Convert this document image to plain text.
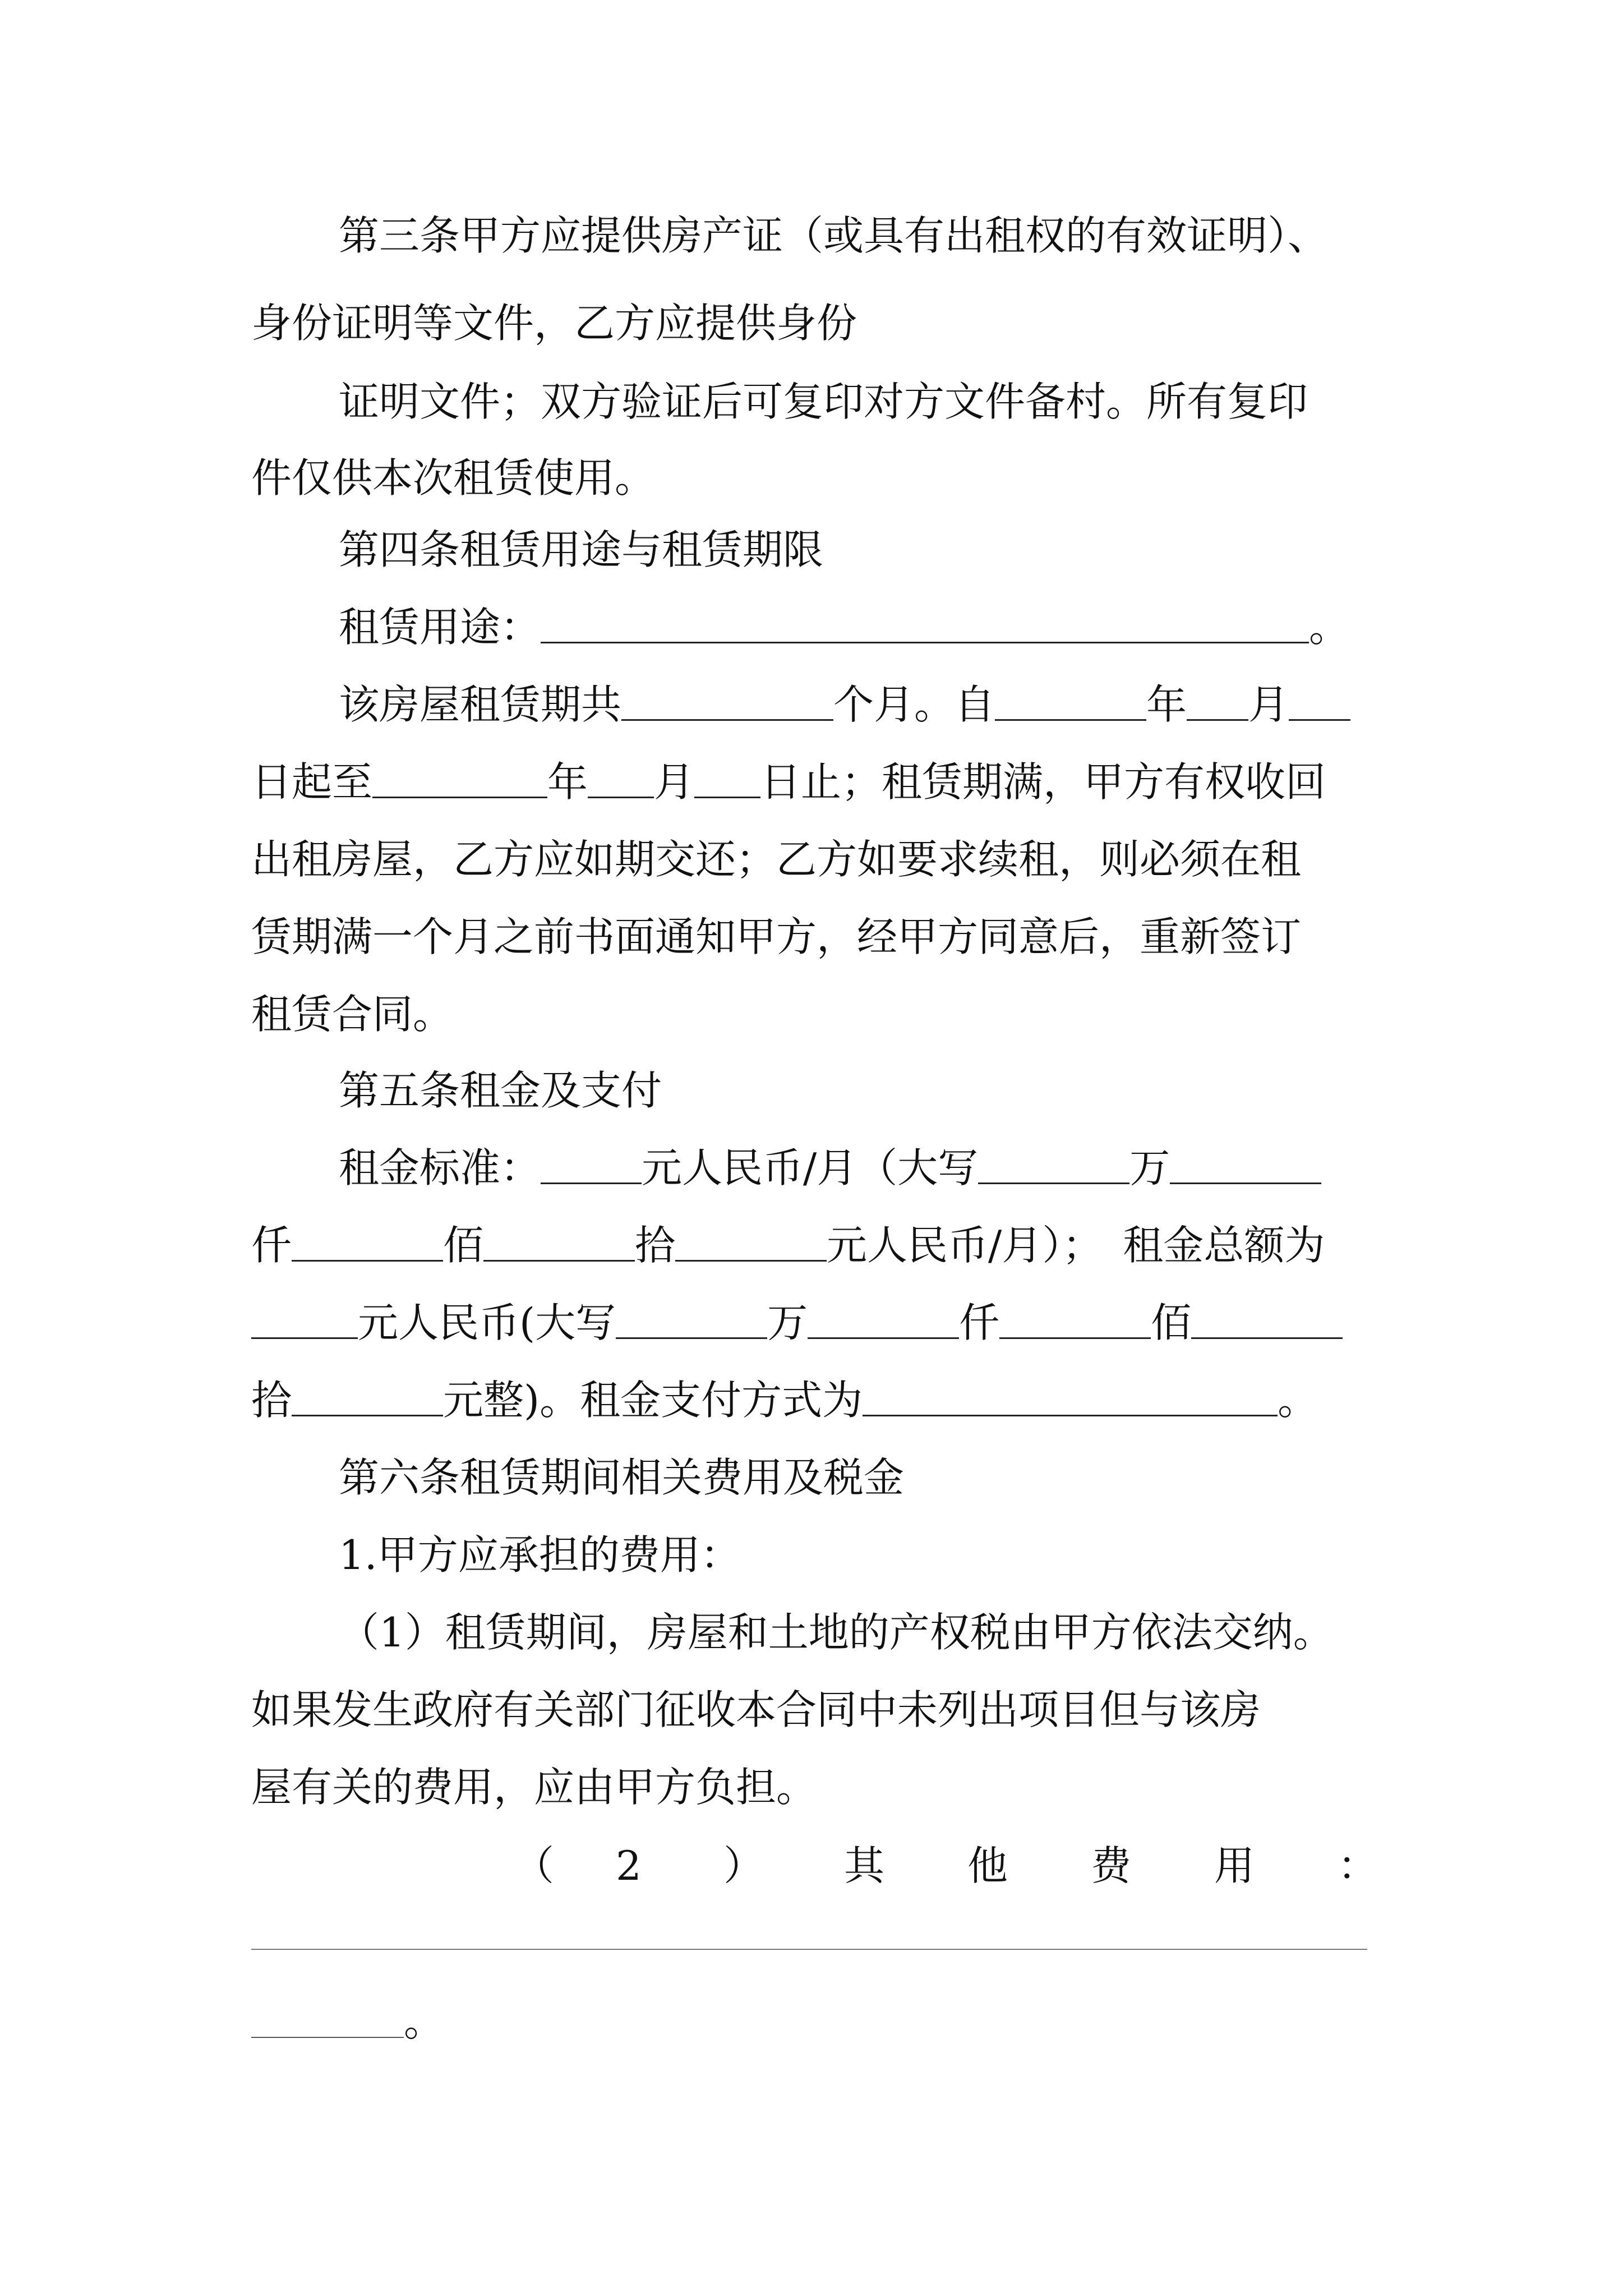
第三条甲方应提供房产证（或具有出租权的有效证明）、
身份证明等文件，乙方应提供身份
证明文件；双方验证后可复印对方文件备村。所有复印
件仅供本次租赁使用。
第四条租赁用途与租赁期限
租赁用途：	。
该房屋租赁期共	个月。自	年 月
日起至	年 月 日止；租赁期满，甲方有权收回
出租房屋，乙方应如期交还；乙方如要求续租，则必须在租
赁期满一个月之前书面通知甲方，经甲方同意后，重新签订
租赁合同。
第五条租金及支付
租金标准：	元人民币/月（大写	万
仟	佰	拾	元人民币/月）； 租金总额为
元人民币(大写	万	仟	佰
拾	元整)。租金支付方式为	。
第六条租赁期间相关费用及税金
1.甲方应承担的费用：
（1）租赁期间，房屋和土地的产权税由甲方依法交纳。
如果发生政府有关部门征收本合同中未列出项目但与该房
屋有关的费用，应由甲方负担。
（ 2 ） 其 他 费 用 ：
。
